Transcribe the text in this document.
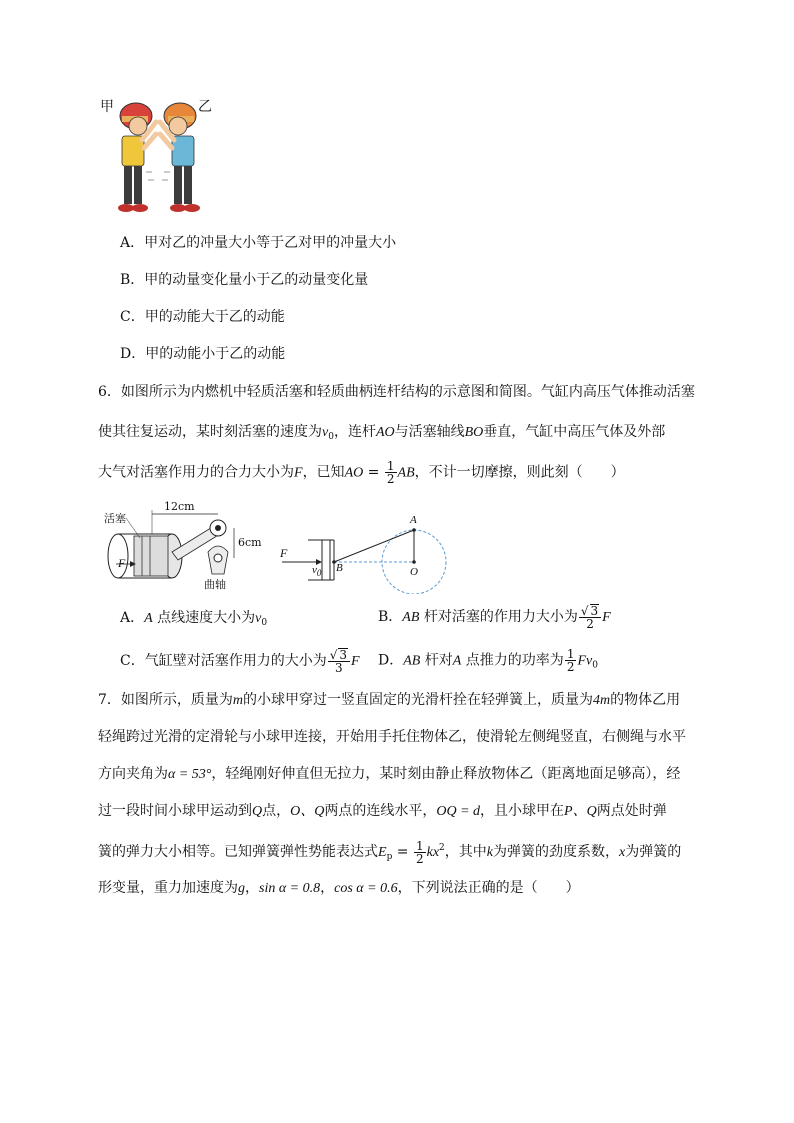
甲	乙
A．甲对乙的冲量大小等于乙对甲的冲量大小
B．甲的动量变化量小于乙的动量变化量
C．甲的动能大于乙的动能
D．甲的动能小于乙的动能
6．如图所示为内燃机中轻质活塞和轻质曲柄连杆结构的示意图和简图。气缸内高压气体推动活塞
使其往复运动，某时刻活塞的速度为$v_0$，连杆AO与活塞轴线BO垂直，气缸中高压气体及外部
大气对活塞作用力的合力大小为F，已知AO = $\frac{1}{2}$ AB，不计一切摩擦，则此刻（　　）
活塞
12cm
6cm
曲轴
F
F
$v_0$ B
A
O
A．A 点线速度大小为$v_0$	B．AB 杆对活塞的作用力大小为 $\frac{√ 3}{2}$ F
C．气缸壁对活塞作用力的大小为 $\frac{√ 3}{3}$ F D．AB 杆对A 点推力的功率为 $\frac{1}{2} Fv_0$
7．如图所示，质量为m的小球甲穿过一竖直固定的光滑杆拴在轻弹簧上，质量为4m的物体乙用
轻绳跨过光滑的定滑轮与小球甲连接，开始用手托住物体乙，使滑轮左侧绳竖直，右侧绳与水平
方向夹角为α = 53°，轻绳刚好伸直但无拉力，某时刻由静止释放物体乙（距离地面足够高），经
过一段时间小球甲运动到Q点，O、Q两点的连线水平，OQ = d，且小球甲在P、Q两点处时弹
簧的弹力大小相等。已知弹簧弹性势能表达式$E_p = \frac{1}{2} kx^2$，其中k为弹簧的劲度系数，x为弹簧的
形变量，重力加速度为g，sin α = 0.8，cos α = 0.6，下列说法正确的是（　　）
